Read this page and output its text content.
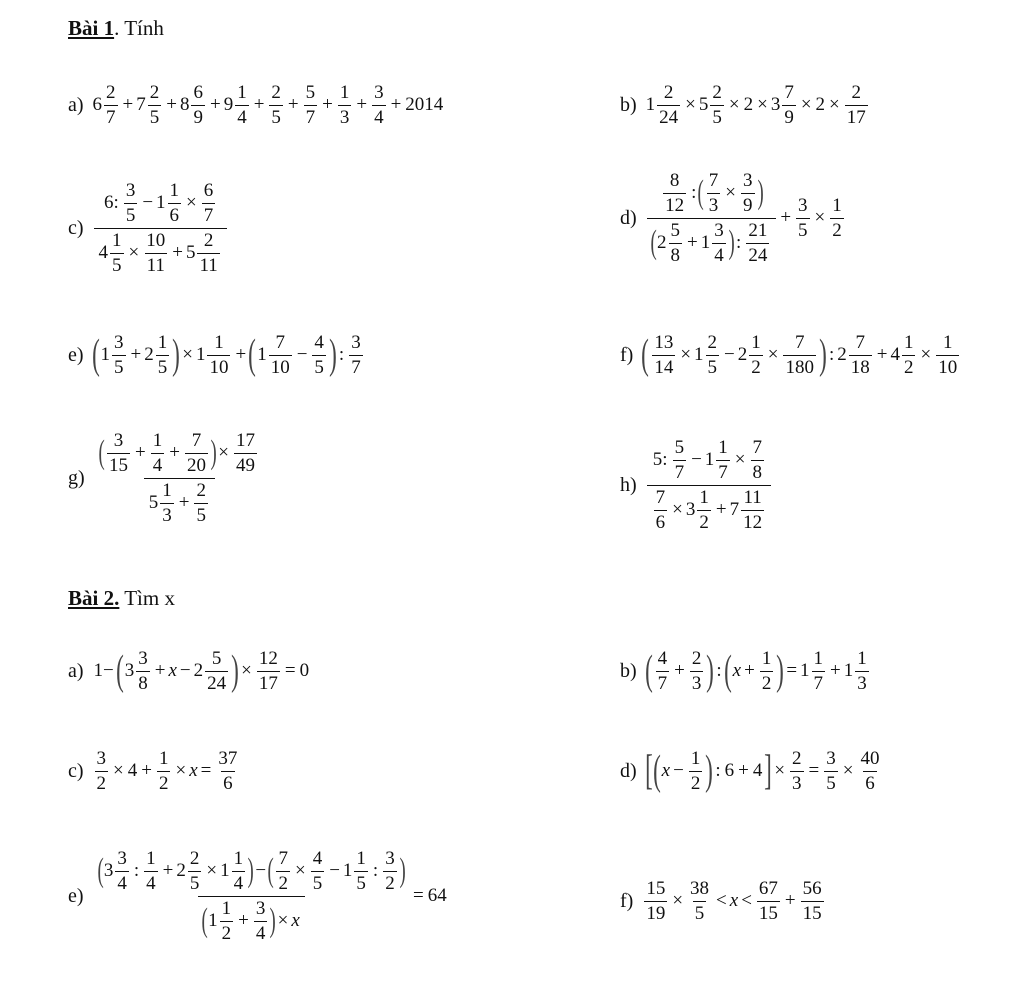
Bài 1. Tính
a) $6 \frac{2}{7} + 7 \frac{2}{5} + 8 \frac{6}{9} + 9 \frac{1}{4} + \frac{2}{5} + \frac{5}{7} + \frac{1}{3} + \frac{3}{4} + 2014$	b) $1 \frac{2}{24} \times 5 \frac{2}{5} \times 2 \times 3 \frac{7}{9} \times 2 \times \frac{2}{17}$
$c) \frac{6: \frac{3}{5} - 1 \frac{1}{6} \times \frac{6}{7}}{4 \frac{1}{5} \times \frac{10}{11} + 5 \frac{2}{11}}$	$d) \frac{\frac{8}{12} : ( \frac{7}{3} \times \frac{3}{9} )}{( 2 \frac{5}{8} + 1 \frac{3}{4} ) : \frac{21}{24}} + \frac{3}{5} \times \frac{1}{2}$
e) ( $1 \frac{3}{5} + 2 \frac{1}{5}$ ) × $1 \frac{1}{10}$ + ( $1 \frac{7}{10} - \frac{4}{5}$ ) : $\frac{3}{7}$	f) ( $\frac{13}{14} \times 1 \frac{2}{5} - 2 \frac{1}{2} \times \frac{7}{180}$ ) : $2 \frac{7}{18} + 4 \frac{1}{2} \times \frac{1}{10}$
$g) \frac{( \frac{3}{15} + \frac{1}{4} + \frac{7}{20} ) \times \frac{17}{49}}{5 \frac{1}{3} + \frac{2}{5}}$	$h) \frac{5: \frac{5}{7} - 1 \frac{1}{7} \times \frac{7}{8}}{\frac{7}{6} \times 3 \frac{1}{2} + 7 \frac{11}{12}}$
Bài 2. Tìm x
a) 1− ( $3 \frac{3}{8} + x - 2 \frac{5}{24}$ ) × $\frac{12}{17} = 0$	b) ( $\frac{4}{7} + \frac{2}{3}$ ) : ( $x + \frac{1}{2}$ ) = $1 \frac{1}{7} + 1 \frac{1}{3}$
$c) \frac{3}{2} \times 4 + \frac{1}{2} \times x = \frac{37}{6}$	d) [ ( $x - \frac{1}{2}$ ) : 6 + 4 ] × $\frac{2}{3} = \frac{3}{5} \times \frac{40}{6}$
$e) \frac{( 3 \frac{3}{4} : \frac{1}{4} + 2 \frac{2}{5} \times 1 \frac{1}{4} ) - ( \frac{7}{2} \times \frac{4}{5} - 1 \frac{1}{5} : \frac{3}{2} )}{( 1 \frac{1}{2} + \frac{3}{4} ) \times x} = 64$	$f) \frac{15}{19} \times \frac{38}{5} < x < \frac{67}{15} + \frac{56}{15}$
